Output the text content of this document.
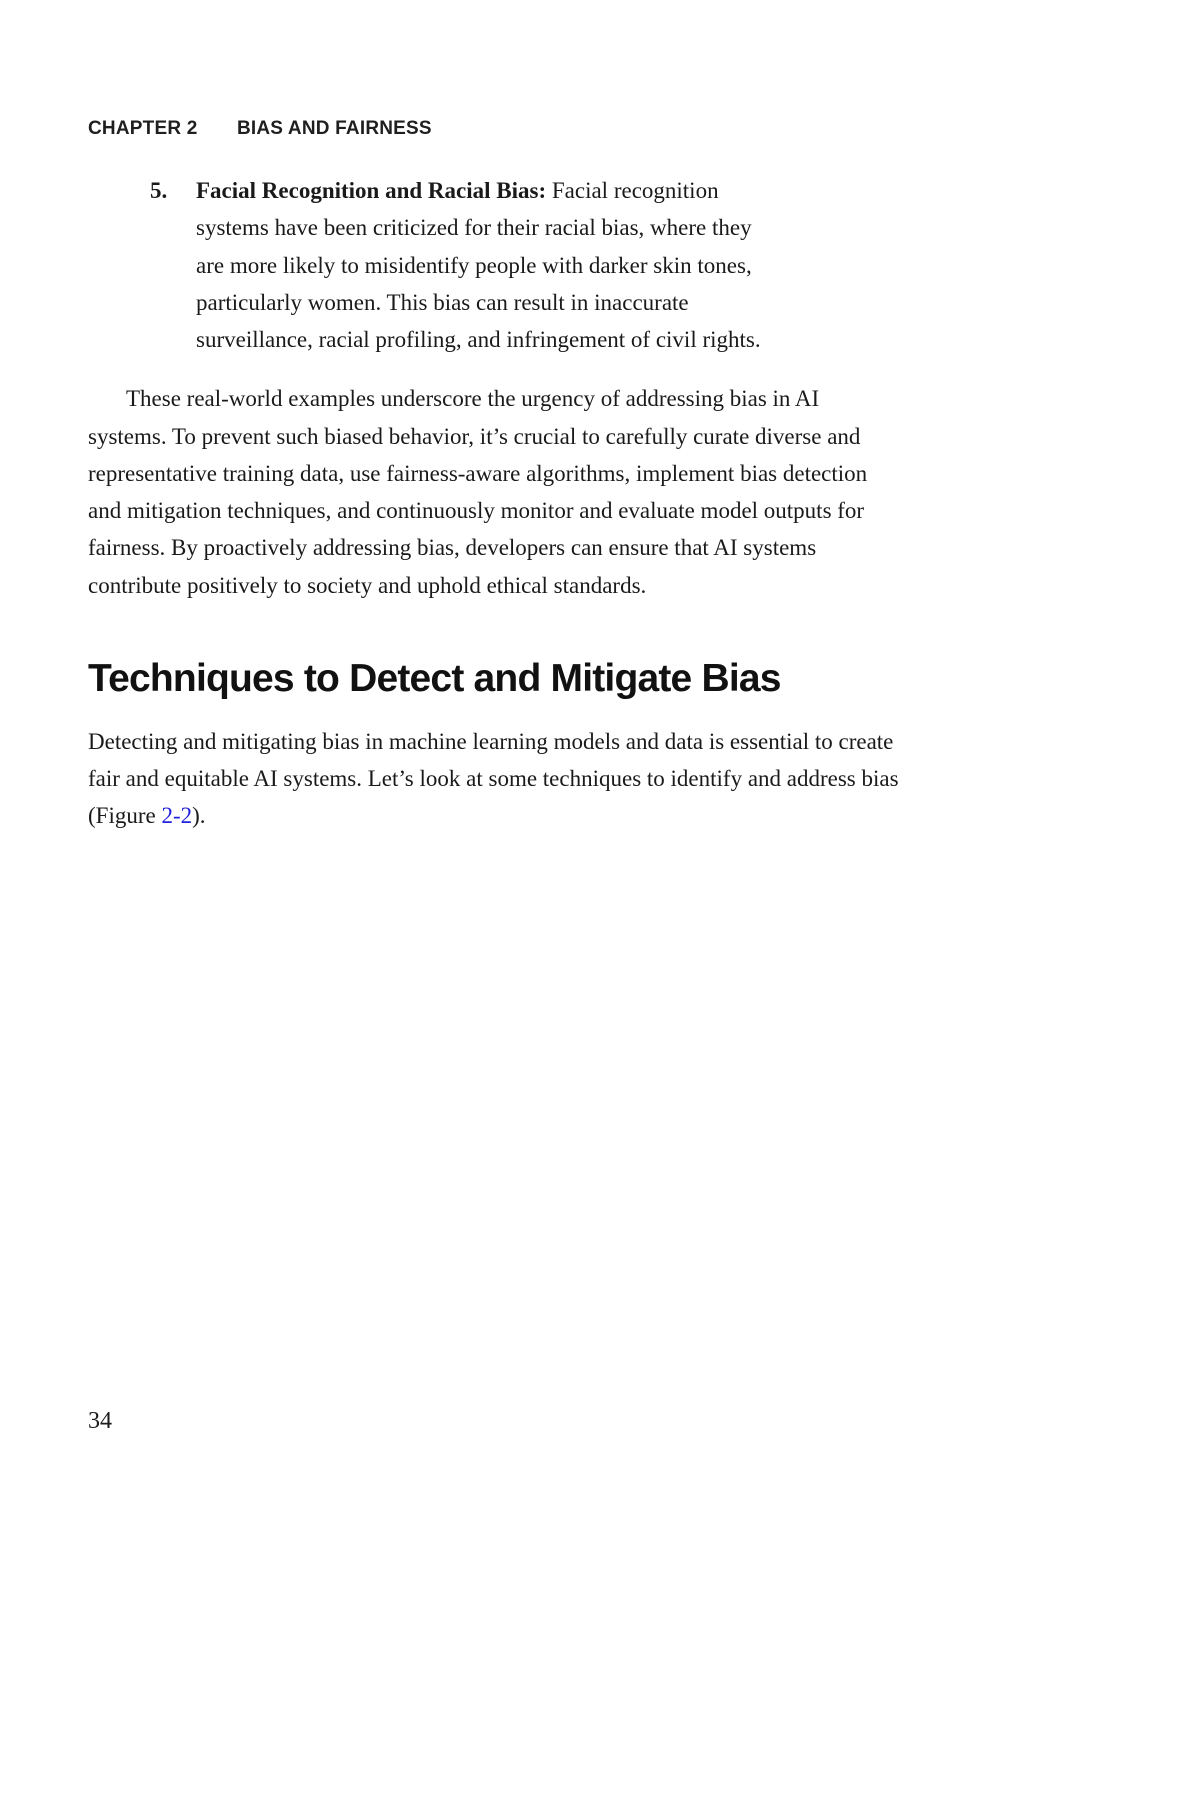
CHAPTER 2 BIAS AND FAIRNESS
5.	Facial Recognition and Racial Bias: Facial recognition systems have been criticized for their racial bias, where they are more likely to misidentify people with darker skin tones, particularly women. This bias can result in inaccurate surveillance, racial profiling, and infringement of civil rights.

These real-world examples underscore the urgency of addressing bias in AI systems. To prevent such biased behavior, it’s crucial to carefully curate diverse and representative training data, use fairness-aware algorithms, implement bias detection and mitigation techniques, and continuously monitor and evaluate model outputs for fairness. By proactively addressing bias, developers can ensure that AI systems contribute positively to society and uphold ethical standards.

Techniques to Detect and Mitigate Bias

Detecting and mitigating bias in machine learning models and data is essential to create fair and equitable AI systems. Let’s look at some techniques to identify and address bias (Figure 2-2).

34
